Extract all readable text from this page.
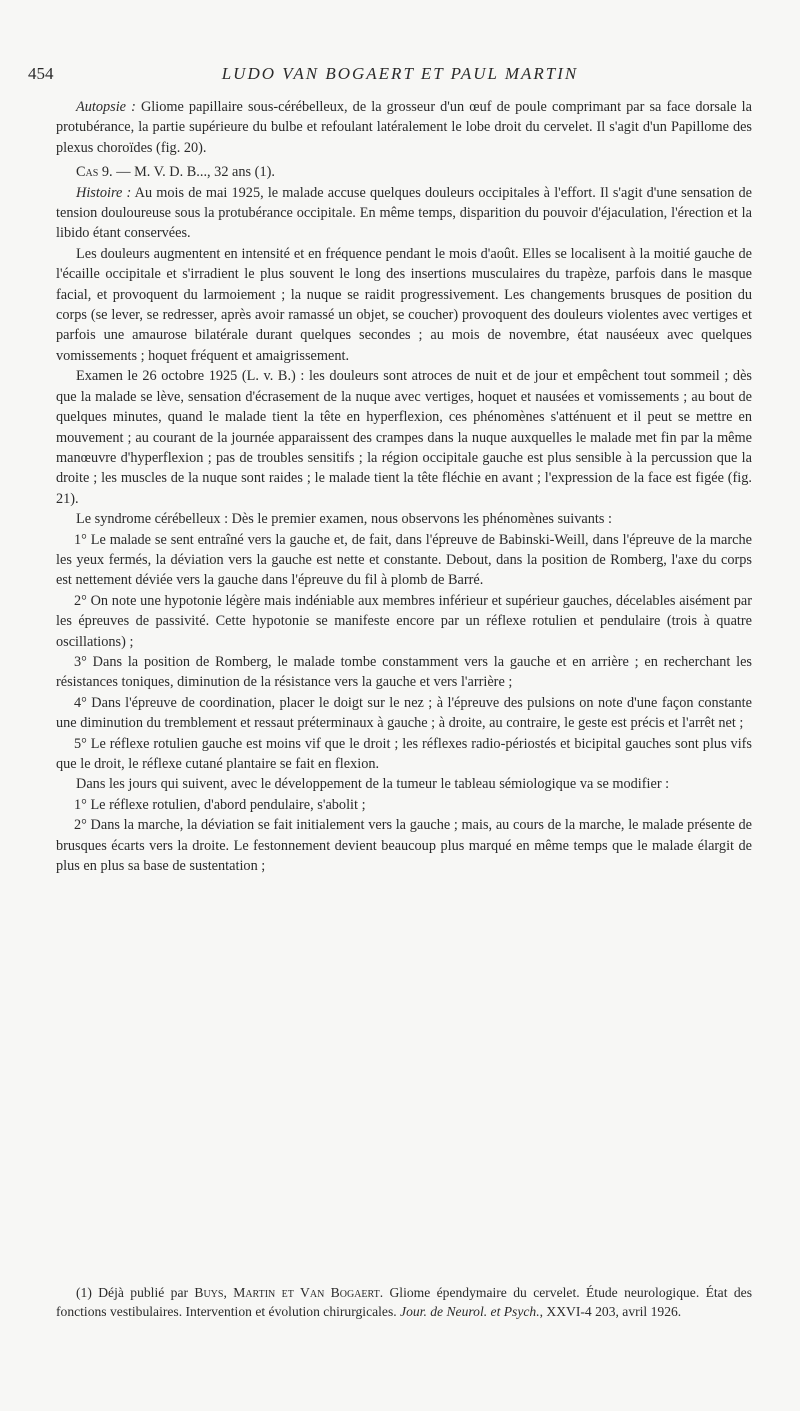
454	LUDO VAN BOGAERT ET PAUL MARTIN

Autopsie : Gliome papillaire sous-cérébelleux, de la grosseur d'un œuf de poule comprimant par sa face dorsale la protubérance, la partie supérieure du bulbe et refoulant latéralement le lobe droit du cervelet. Il s'agit d'un Papillome des plexus choroïdes (fig. 20).

Cas 9. — M. V. D. B..., 32 ans (1).

Histoire : Au mois de mai 1925, le malade accuse quelques douleurs occipitales à l'effort. Il s'agit d'une sensation de tension douloureuse sous la protubérance occipitale. En même temps, disparition du pouvoir d'éjaculation, l'érection et la libido étant conservées.

Les douleurs augmentent en intensité et en fréquence pendant le mois d'août. Elles se localisent à la moitié gauche de l'écaille occipitale et s'irradient le plus souvent le long des insertions musculaires du trapèze, parfois dans le masque facial, et provoquent du larmoiement ; la nuque se raidit progressivement. Les changements brusques de position du corps (se lever, se redresser, après avoir ramassé un objet, se coucher) provoquent des douleurs violentes avec vertiges et parfois une amaurose bilatérale durant quelques secondes ; au mois de novembre, état nauséeux avec quelques vomissements ; hoquet fréquent et amaigrissement.

Examen le 26 octobre 1925 (L. v. B.) : les douleurs sont atroces de nuit et de jour et empêchent tout sommeil ; dès que la malade se lève, sensation d'écrasement de la nuque avec vertiges, hoquet et nausées et vomissements ; au bout de quelques minutes, quand le malade tient la tête en hyperflexion, ces phénomènes s'atténuent et il peut se mettre en mouvement ; au courant de la journée apparaissent des crampes dans la nuque auxquelles le malade met fin par la même manœuvre d'hyperflexion ; pas de troubles sensitifs ; la région occipitale gauche est plus sensible à la percussion que la droite ; les muscles de la nuque sont raides ; le malade tient la tête fléchie en avant ; l'expression de la face est figée (fig. 21).

Le syndrome cérébelleux : Dès le premier examen, nous observons les phénomènes suivants :

1° Le malade se sent entraîné vers la gauche et, de fait, dans l'épreuve de Babinski-Weill, dans l'épreuve de la marche les yeux fermés, la déviation vers la gauche est nette et constante. Debout, dans la position de Romberg, l'axe du corps est nettement déviée vers la gauche dans l'épreuve du fil à plomb de Barré.

2° On note une hypotonie légère mais indéniable aux membres inférieur et supérieur gauches, décelables aisément par les épreuves de passivité. Cette hypotonie se manifeste encore par un réflexe rotulien et pendulaire (trois à quatre oscillations) ;

3° Dans la position de Romberg, le malade tombe constamment vers la gauche et en arrière ; en recherchant les résistances toniques, diminution de la résistance vers la gauche et vers l'arrière ;

4° Dans l'épreuve de coordination, placer le doigt sur le nez ; à l'épreuve des pulsions on note d'une façon constante une diminution du tremblement et ressaut préterminaux à gauche ; à droite, au contraire, le geste est précis et l'arrêt net ;

5° Le réflexe rotulien gauche est moins vif que le droit ; les réflexes radio-périostés et bicipital gauches sont plus vifs que le droit, le réflexe cutané plantaire se fait en flexion.

Dans les jours qui suivent, avec le développement de la tumeur le tableau sémiologique va se modifier :

1° Le réflexe rotulien, d'abord pendulaire, s'abolit ;

2° Dans la marche, la déviation se fait initialement vers la gauche ; mais, au cours de la marche, le malade présente de brusques écarts vers la droite. Le festonnement devient beaucoup plus marqué en même temps que le malade élargit de plus en plus sa base de sustentation ;

(1) Déjà publié par Buys, Martin et Van Bogaert. Gliome épendymaire du cervelet. Étude neurologique. État des fonctions vestibulaires. Intervention et évolution chirurgicales. Jour. de Neurol. et Psych., XXVI-4 203, avril 1926.
